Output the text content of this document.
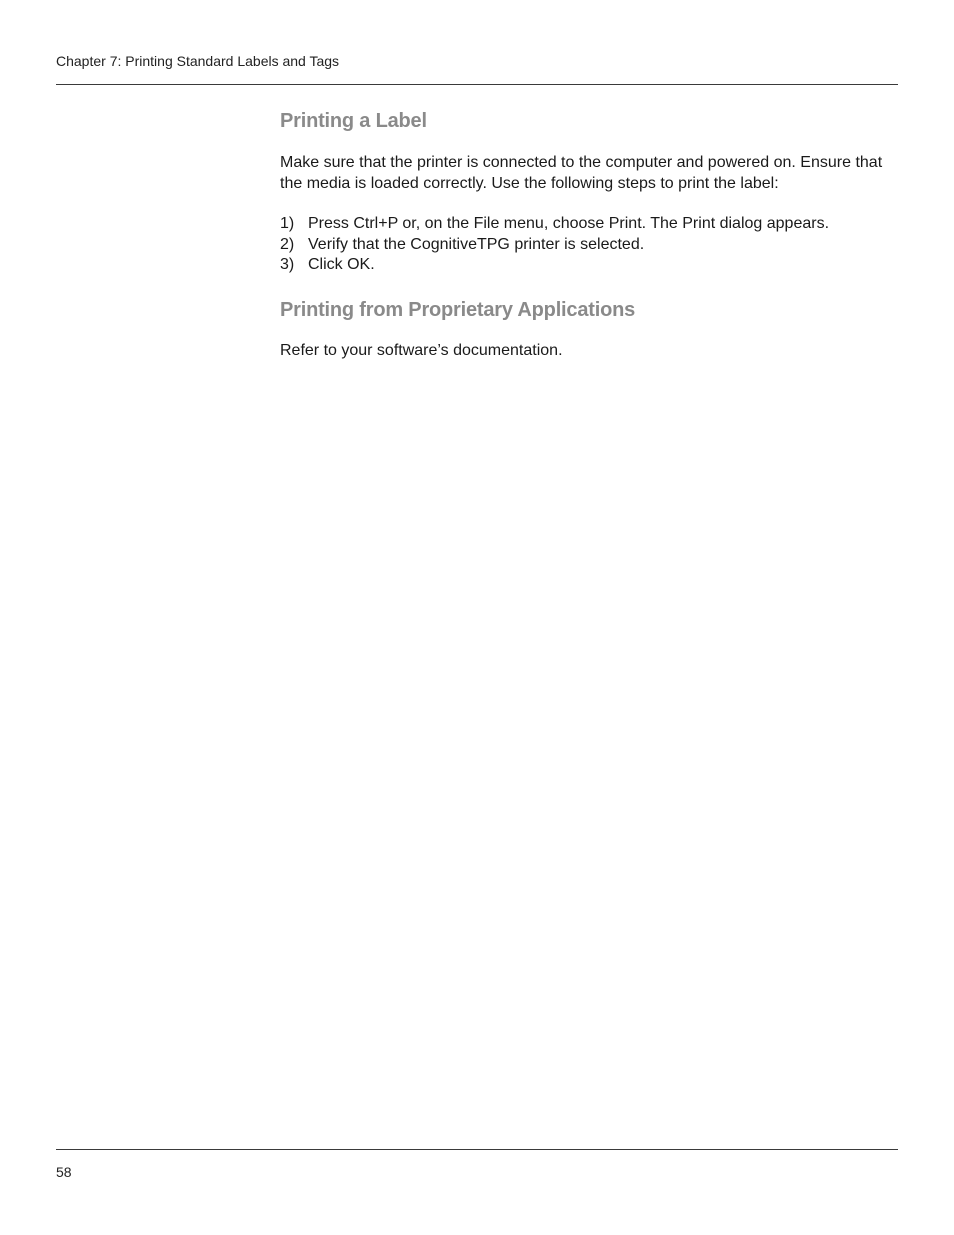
Chapter 7: Printing Standard Labels and Tags
Printing a Label

Make sure that the printer is connected to the computer and powered on. Ensure that the media is loaded correctly. Use the following steps to print the label:

1) Press Ctrl+P or, on the File menu, choose Print. The Print dialog appears.
2) Verify that the CognitiveTPG printer is selected.
3) Click OK.
Printing from Proprietary Applications

Refer to your software’s documentation.

58
